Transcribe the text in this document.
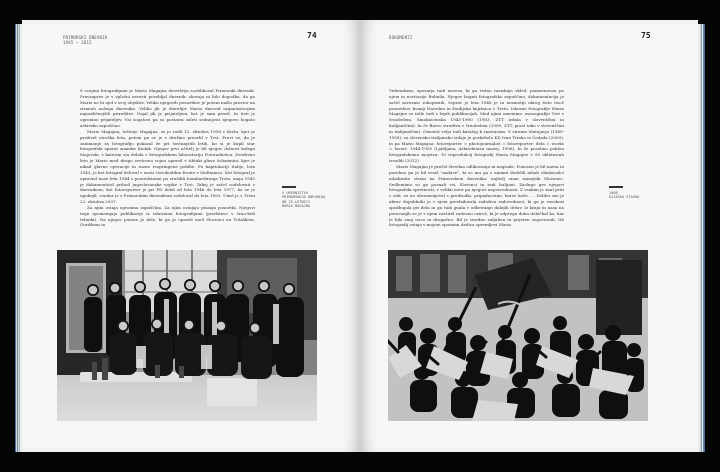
PRIMORSKI DNEVNIK
1945 — 2015
74

S svojimi fotografijami je Mario Magajna desetletja sooblikoval Primorski dnevnik. Pravzaprav je v splošni zavesti posebljal dnevnik: skoraja ni bilo dogodka, da ga Mario ne bi ujel v svoj objektiv. Veliko njegovih posnetkov je potem našlo prostor na straneh našega dnevnika. Veliko jih je dizrelijiv Mario darovał organizatorjem najrazličnejših prireditev. Dajal jih je prijateljem, kot je sam pravil. In tisti je ogromno prijateljev. Vsi sogatovi pa so postarni zaleti sedanjosti njegovo bogato arhivsko zapuščino.

Mario Magajna, točneje Magajna, se je rodil 12. oktobra 1916 v Križu, kjer je preživel otroška leta, potem pa se je z družino preselil v Trst. Pravi se, da je zanimanje za fotografijo pokazal že pri šestnajstih letih, ko si je kupil star fotografski aparat znamke Kodak. Njegov prvi učitelj je bil njegov dolnovi kolega Majovski, s katerim sta delala v fotografskem laboratoriju Fotoradiotica. Sveiživno leto je Mario med drugo svetovno vojno opravil v tihtaki glavo šolsnimini, kjer je nikad glavne operacije in razne rezpringene pobibe. Po kapitulaciji Italije, leta 1943, je kot fotograf deloval v enoti Osvobodilne fronte v Sedtnimici. Kot fotograf je opravnil nase leta 1944 s posredsinimi po zrušiliti bombardiranja Trsta, maja 1945 je dokumentiral prihod jugoslovanske vojske v Trst. Takoj je začel sodelovati z dnevnikom, kot fotoreporter je pri PD delal od leta 1946 do leta 1977, ko se je upokojil, vendar je s Primorskim dnevnikom sodeloval do leta 1993. Umrl je v Trstu 22. oktobra 2007.

Za njim ostaja ogromna zapuščina. Za njim ostajajo pisanja posnetki. Njegovi tega spomeinjajo publikacije iz izbranimi fotografijami (predstavo v črno-beli tehniki). Na njegov pomen je delo, ki ga je opravil med Slovenci na Tržaškem, Goriškem in

V UREDNIŠTVU
PRIMORSKEGA DNEVNIKA
OB 25-LETNICI
MARIA MAGAJNA
DOKUMENTI	75

Videmskem, opozarja tudi naveza, ki ga redno raziskuje skled, pomnenovan po njem in novitariju Bubnila. Njegov bogati fotografsko zapuščino, dokumentacija je začel zaveznio rokopisnih, čeprav je leta 1948 je in nesmotiji okrog tisto tisoč posnetkov, kvanji Narodna in študijska knjižnica v Trstu. Izbrane fotografije Maria Magajne so izšle tudi v lepih publikacijah. Med njimi omenimo: monografijo Trst v črnobelem. Smoknicinska 1945-1980 (1983, ZTT izdala v slovenščini in italijanščini). In če Barvo stredtva v črnobelem (2009, ZTT, pravi tako v slovenščini in italijanščini). Omeniti velja tudi katalog k razstavam. S stranm Matajurja (1949-1958), za slovensko-italijansko izdajo je poskrbelo KD Ivan Trinko iz Čedada (2000), in pa Mario Magajna: fotoreporter = photojournalist = fotoreporter: dela = works = lavori: 1944-1955 (Ljubljana, Arhitekturni muzej, 1996). In še posebno poklon fotografskemu mojstru: 10 reprodukcij fotografij Maria Magajne v 50 obletnicah izvodih (2012).

Mario Magajna je prečel številna odlikovanja in nagrade. Ponosen je bil narsu in posebno pa je bil vesel "nadave", ki so mu ga z uniami dodelili mladi obiskovalci mladinske strani na Primorskem dnevniku: najbolj onan zamejski Slovenec. Sedlemimo so ga poznali vsi, Slovenci in tudi Italijani. Zaslugo gre njegovi fotografski spretnosti, v velikii meri pa njegovi neposrednosti. Z vsakim je znal priti v stik, ez ne obremenjeval s predsodki, pripadnostmi, barve kože. ... Dolder mo je abrav dopoldniki je v njem prevladovala radoživa radovednost, ki ga je vseskozi spodbujala pri delu in ga tudi gnala v odkrivanje dalnjih držav. Iz kraja in nasa na potovanjih se je v njem razširel radovno oziroč, ki je odprega duha dobičkal ko, kar je bilo zanj novo in drugačno. Bil je izredno zaljuben in prijeten sogovornik. Ob fotografij ostaja v mojem spominu dedica spremljevi Mario.

1968
DIJAŠKA STAVKA
